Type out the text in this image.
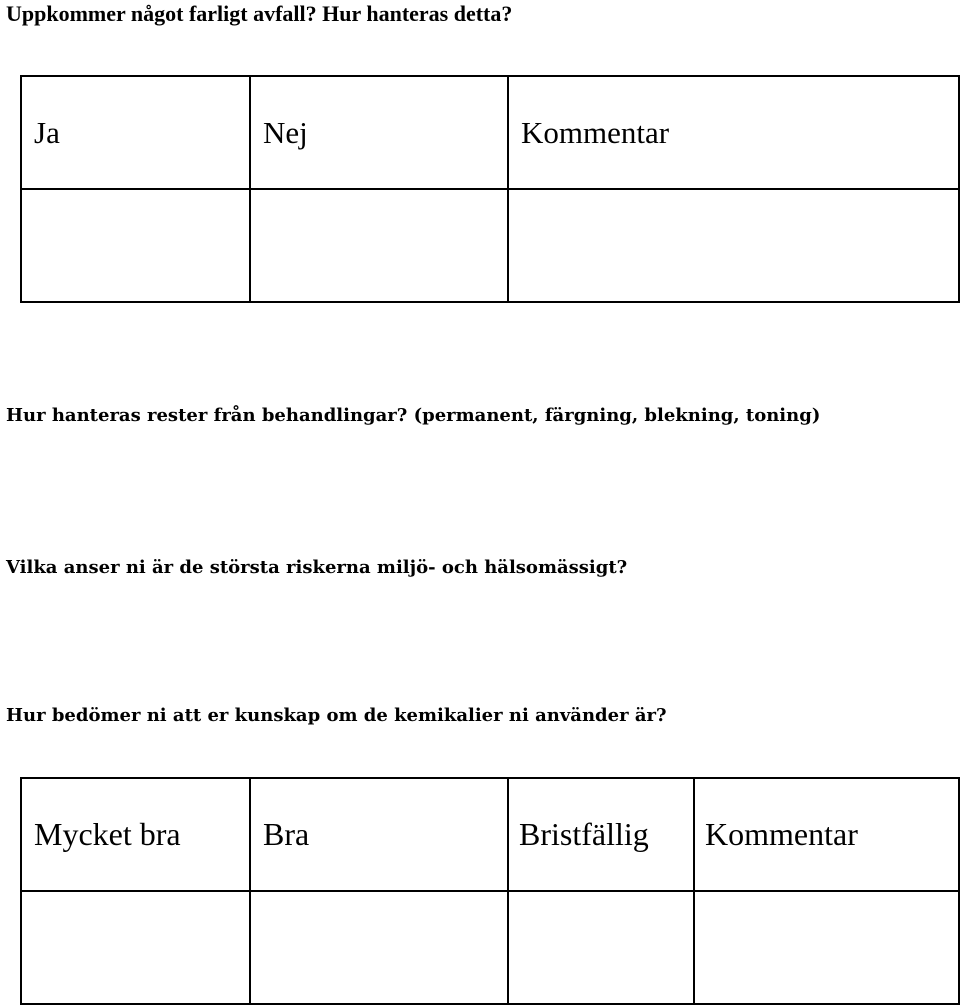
Uppkommer något farligt avfall? Hur hanteras detta?

Ja	Nej	Kommentar

Hur hanteras rester från behandlingar? (permanent, färgning, blekning, toning)

Vilka anser ni är de största riskerna miljö- och hälsomässigt?

Hur bedömer ni att er kunskap om de kemikalier ni använder är?

Mycket bra	Bra	Bristfällig	Kommentar
